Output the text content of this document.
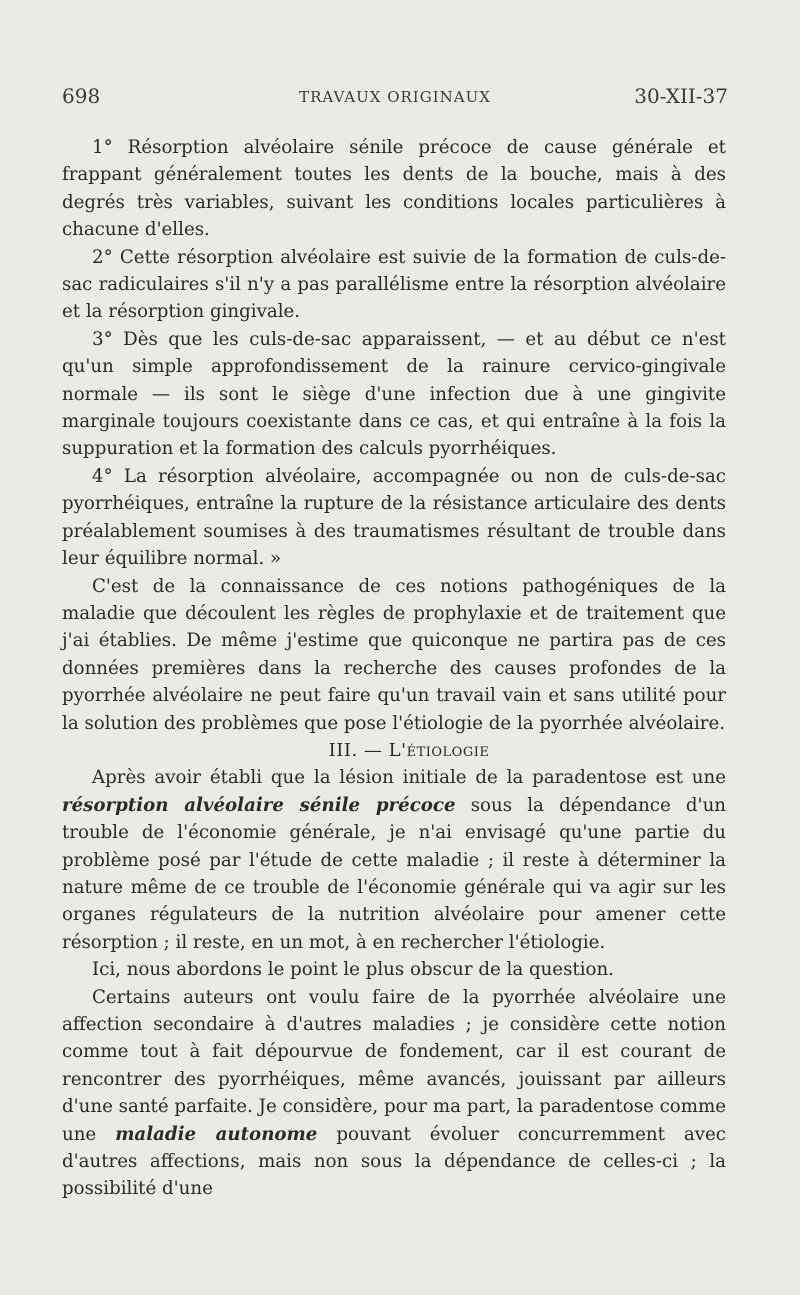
698	TRAVAUX ORIGINAUX	30-XII-37

1° Résorption alvéolaire sénile précoce de cause générale et frappant généralement toutes les dents de la bouche, mais à des degrés très variables, suivant les conditions locales particulières à chacune d'elles.

2° Cette résorption alvéolaire est suivie de la formation de culs-de-sac radiculaires s'il n'y a pas parallélisme entre la résorption alvéolaire et la résorption gingivale.

3° Dès que les culs-de-sac apparaissent, — et au début ce n'est qu'un simple approfondissement de la rainure cervico-gingivale normale — ils sont le siège d'une infection due à une gingivite marginale toujours coexistante dans ce cas, et qui entraîne à la fois la suppuration et la formation des calculs pyorrhéiques.

4° La résorption alvéolaire, accompagnée ou non de culs-de-sac pyorrhéiques, entraîne la rupture de la résistance articulaire des dents préalablement soumises à des traumatismes résultant de trouble dans leur équilibre normal. »

C'est de la connaissance de ces notions pathogéniques de la maladie que découlent les règles de prophylaxie et de traitement que j'ai établies. De même j'estime que quiconque ne partira pas de ces données premières dans la recherche des causes profondes de la pyorrhée alvéolaire ne peut faire qu'un travail vain et sans utilité pour la solution des problèmes que pose l'étiologie de la pyorrhée alvéolaire.

III. — L'étiologie

Après avoir établi que la lésion initiale de la paradentose est une résorption alvéolaire sénile précoce sous la dépendance d'un trouble de l'économie générale, je n'ai envisagé qu'une partie du problème posé par l'étude de cette maladie ; il reste à déterminer la nature même de ce trouble de l'économie générale qui va agir sur les organes régulateurs de la nutrition alvéolaire pour amener cette résorption ; il reste, en un mot, à en rechercher l'étiologie.

Ici, nous abordons le point le plus obscur de la question.

Certains auteurs ont voulu faire de la pyorrhée alvéolaire une affection secondaire à d'autres maladies ; je considère cette notion comme tout à fait dépourvue de fondement, car il est courant de rencontrer des pyorrhéiques, même avancés, jouissant par ailleurs d'une santé parfaite. Je considère, pour ma part, la paradentose comme une maladie autonome pouvant évoluer concurremment avec d'autres affections, mais non sous la dépendance de celles-ci ; la possibilité d'une
